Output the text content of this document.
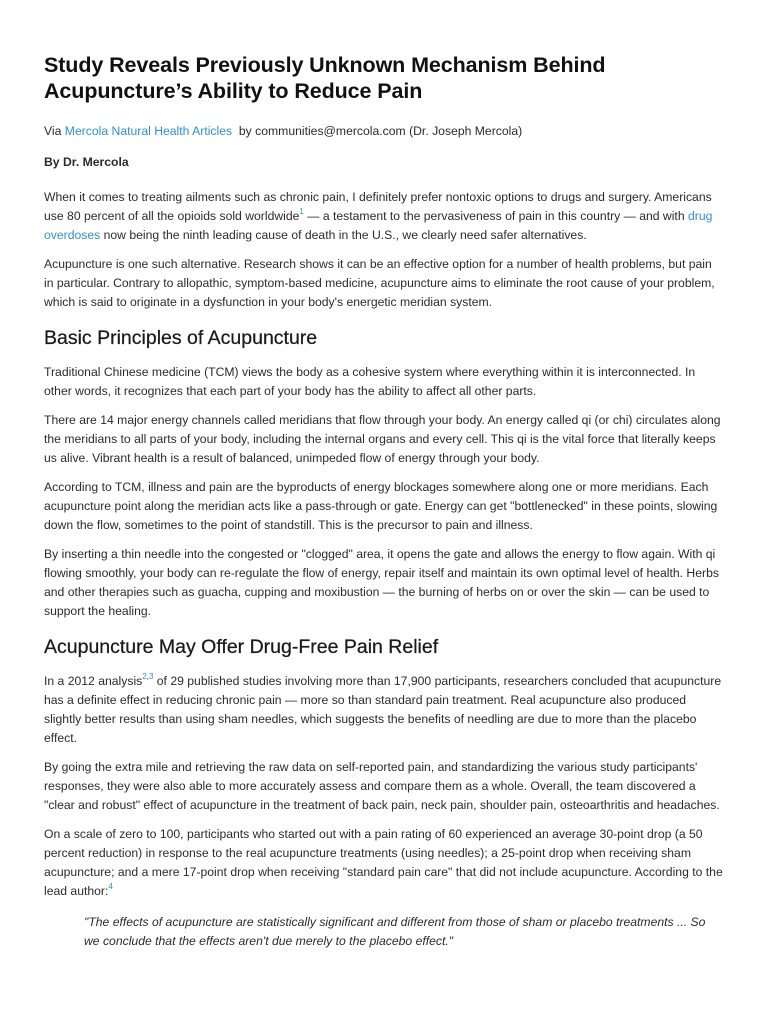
Study Reveals Previously Unknown Mechanism Behind Acupuncture’s Ability to Reduce Pain

Via Mercola Natural Health Articles by communities@mercola.com (Dr. Joseph Mercola)

By Dr. Mercola

When it comes to treating ailments such as chronic pain, I definitely prefer nontoxic options to drugs and surgery. Americans use 80 percent of all the opioids sold worldwide$^1$ — a testament to the pervasiveness of pain in this country — and with drug overdoses now being the ninth leading cause of death in the U.S., we clearly need safer alternatives.

Acupuncture is one such alternative. Research shows it can be an effective option for a number of health problems, but pain in particular. Contrary to allopathic, symptom-based medicine, acupuncture aims to eliminate the root cause of your problem, which is said to originate in a dysfunction in your body's energetic meridian system.

Basic Principles of Acupuncture

Traditional Chinese medicine (TCM) views the body as a cohesive system where everything within it is interconnected. In other words, it recognizes that each part of your body has the ability to affect all other parts.

There are 14 major energy channels called meridians that flow through your body. An energy called qi (or chi) circulates along the meridians to all parts of your body, including the internal organs and every cell. This qi is the vital force that literally keeps us alive. Vibrant health is a result of balanced, unimpeded flow of energy through your body.

According to TCM, illness and pain are the byproducts of energy blockages somewhere along one or more meridians. Each acupuncture point along the meridian acts like a pass-through or gate. Energy can get "bottlenecked" in these points, slowing down the flow, sometimes to the point of standstill. This is the precursor to pain and illness.

By inserting a thin needle into the congested or "clogged" area, it opens the gate and allows the energy to flow again. With qi flowing smoothly, your body can re-regulate the flow of energy, repair itself and maintain its own optimal level of health. Herbs and other therapies such as guacha, cupping and moxibustion — the burning of herbs on or over the skin — can be used to support the healing.

Acupuncture May Offer Drug-Free Pain Relief

In a 2012 analysis$^{2,3}$ of 29 published studies involving more than 17,900 participants, researchers concluded that acupuncture has a definite effect in reducing chronic pain — more so than standard pain treatment. Real acupuncture also produced slightly better results than using sham needles, which suggests the benefits of needling are due to more than the placebo effect.

By going the extra mile and retrieving the raw data on self-reported pain, and standardizing the various study participants' responses, they were also able to more accurately assess and compare them as a whole. Overall, the team discovered a "clear and robust" effect of acupuncture in the treatment of back pain, neck pain, shoulder pain, osteoarthritis and headaches.

On a scale of zero to 100, participants who started out with a pain rating of 60 experienced an average 30-point drop (a 50 percent reduction) in response to the real acupuncture treatments (using needles); a 25-point drop when receiving sham acupuncture; and a mere 17-point drop when receiving "standard pain care" that did not include acupuncture. According to the lead author:$^4$

"The effects of acupuncture are statistically significant and different from those of sham or placebo treatments ... So we conclude that the effects aren't due merely to the placebo effect."
